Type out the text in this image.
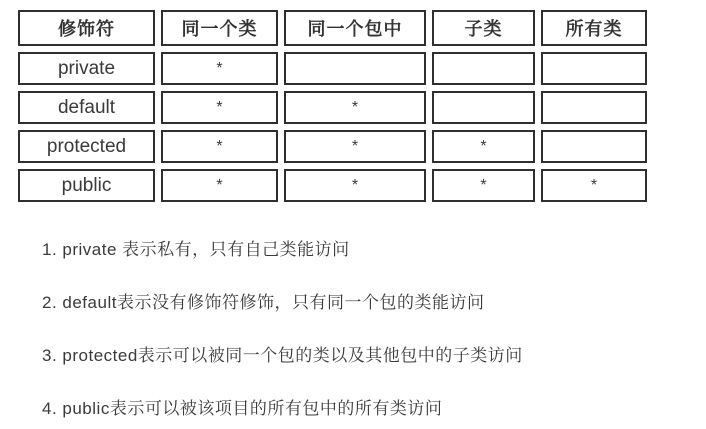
修饰符	同一个类	同一个包中	子类	所有类
private	*			
default	*	*		
protected	*	*	*	
public	*	*	*	*

1. private 表示私有，只有自己类能访问

2. default表示没有修饰符修饰，只有同一个包的类能访问

3. protected表示可以被同一个包的类以及其他包中的子类访问

4. public表示可以被该项目的所有包中的所有类访问
